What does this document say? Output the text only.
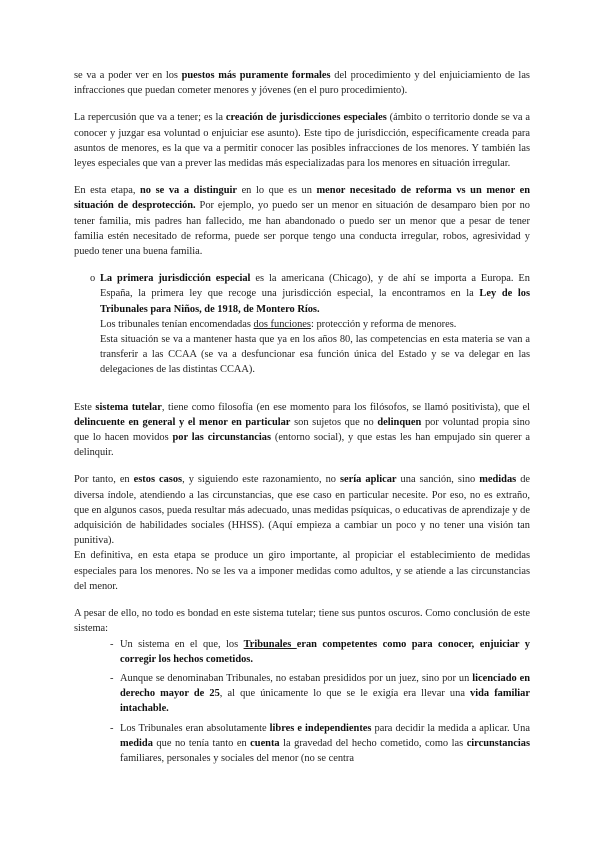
se va a poder ver en los puestos más puramente formales del procedimiento y del enjuiciamiento de las infracciones que puedan cometer menores y jóvenes (en el puro procedimiento).

La repercusión que va a tener; es la creación de jurisdicciones especiales (ámbito o territorio donde se va a conocer y juzgar esa voluntad o enjuiciar ese asunto). Este tipo de jurisdicción, específicamente creada para asuntos de menores, es la que va a permitir conocer las posibles infracciones de los menores. Y también las leyes especiales que van a prever las medidas más especializadas para los menores en situación irregular.

En esta etapa, no se va a distinguir en lo que es un menor necesitado de reforma vs un menor en situación de desprotección. Por ejemplo, yo puedo ser un menor en situación de desamparo bien por no tener familia, mis padres han fallecido, me han abandonado o puedo ser un menor que a pesar de tener familia estén necesitado de reforma, puede ser porque tengo una conducta irregular, robos, agresividad y puedo tener una buena familia.

o La primera jurisdicción especial es la americana (Chicago), y de ahí se importa a Europa. En España, la primera ley que recoge una jurisdicción especial, la encontramos en la Ley de los Tribunales para Niños, de 1918, de Montero Ríos.
Los tribunales tenían encomendadas dos funciones: protección y reforma de menores.
Esta situación se va a mantener hasta que ya en los años 80, las competencias en esta materia se van a transferir a las CCAA (se va a desfuncionar esa función única del Estado y se va delegar en las delegaciones de las distintas CCAA).

Este sistema tutelar, tiene como filosofía (en ese momento para los filósofos, se llamó positivista), que el delincuente en general y el menor en particular son sujetos que no delinquen por voluntad propia sino que lo hacen movidos por las circunstancias (entorno social), y que estas les han empujado sin querer a delinquir.

Por tanto, en estos casos, y siguiendo este razonamiento, no sería aplicar una sanción, sino medidas de diversa índole, atendiendo a las circunstancias, que ese caso en particular necesite. Por eso, no es extraño, que en algunos casos, pueda resultar más adecuado, unas medidas psíquicas, o educativas de aprendizaje y de adquisición de habilidades sociales (HHSS). (Aquí empieza a cambiar un poco y no tener una visión tan punitiva).

En definitiva, en esta etapa se produce un giro importante, al propiciar el establecimiento de medidas especiales para los menores. No se les va a imponer medidas como adultos, y se atiende a las circunstancias del menor.

A pesar de ello, no todo es bondad en este sistema tutelar; tiene sus puntos oscuros. Como conclusión de este sistema:

- Un sistema en el que, los Tribunales eran competentes como para conocer, enjuiciar y corregir los hechos cometidos.
- Aunque se denominaban Tribunales, no estaban presididos por un juez, sino por un licenciado en derecho mayor de 25, al que únicamente lo que se le exigía era llevar una vida familiar intachable.
- Los Tribunales eran absolutamente libres e independientes para decidir la medida a aplicar. Una medida que no tenía tanto en cuenta la gravedad del hecho cometido, como las circunstancias familiares, personales y sociales del menor (no se centra
